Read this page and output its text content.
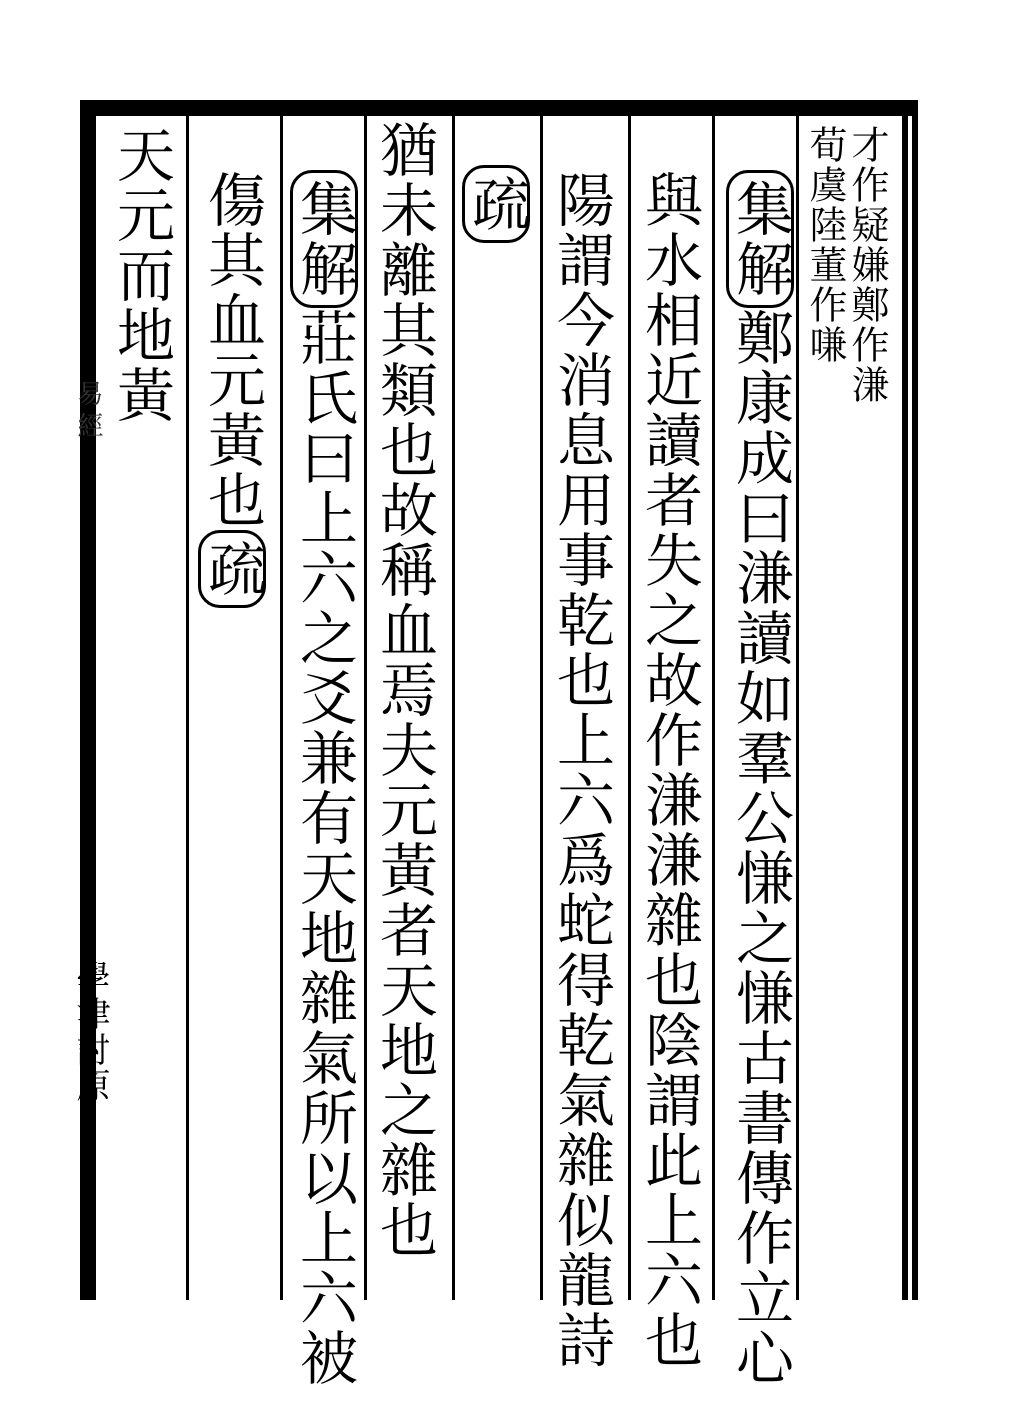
才作疑嫌鄭作溓
荀虞陸董作嗛
集解鄭康成曰溓讀如羣公慊之慊古書傳作立心
與水相近讀者失之故作溓溓雜也陰謂此上六也
陽謂今消息用事乾也上六爲蛇得乾氣雜似龍詩
疏
猶未離其類也故稱血焉夫元黃者天地之雜也
集解莊氏曰上六之爻兼有天地雜氣所以上六被
傷其血元黃也疏
天元而地黃
易經
學津討原
